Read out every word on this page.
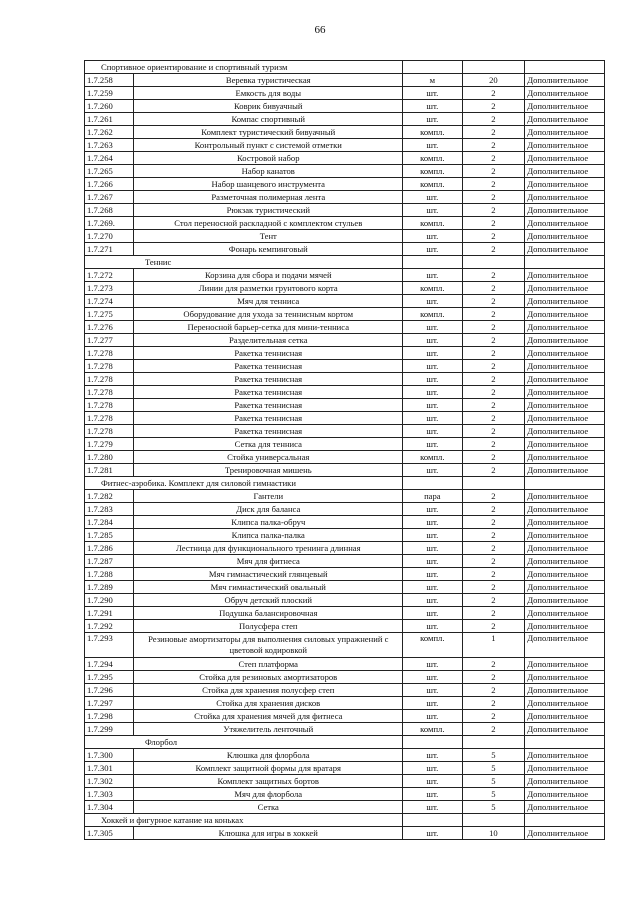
66
Спортивное ориентирование и спортивный туризм				
1.7.258	Веревка туристическая	м	20	Дополнительное
1.7.259	Емкость для воды	шт.	2	Дополнительное
1.7.260	Коврик бивуачный	шт.	2	Дополнительное
1.7.261	Компас спортивный	шт.	2	Дополнительное
1.7.262	Комплект туристический бивуачный	компл.	2	Дополнительное
1.7.263	Контрольный пункт с системой отметки	шт.	2	Дополнительное
1.7.264	Костровой набор	компл.	2	Дополнительное
1.7.265	Набор канатов	компл.	2	Дополнительное
1.7.266	Набор шанцевого инструмента	компл.	2	Дополнительное
1.7.267	Разметочная полимерная лента	шт.	2	Дополнительное
1.7.268	Рюкзак туристический	шт.	2	Дополнительное
1.7.269.	Стол переносной раскладной с комплектом стульев	компл.	2	Дополнительное
1.7.270	Тент	шт.	2	Дополнительное
1.7.271	Фонарь кемпинговый	шт.	2	Дополнительное
Теннис				
1.7.272	Корзина для сбора и подачи мячей	шт.	2	Дополнительное
1.7.273	Линии для разметки грунтового корта	компл.	2	Дополнительное
1.7.274	Мяч для тенниса	шт.	2	Дополнительное
1.7.275	Оборудование для ухода за теннисным кортом	компл.	2	Дополнительное
1.7.276	Переносной барьер-сетка для мини-тенниса	шт.	2	Дополнительное
1.7.277	Разделительная сетка	шт.	2	Дополнительное
1.7.278	Ракетка теннисная	шт.	2	Дополнительное
1.7.278	Ракетка теннисная	шт.	2	Дополнительное
1.7.278	Ракетка теннисная	шт.	2	Дополнительное
1.7.278	Ракетка теннисная	шт.	2	Дополнительное
1.7.278	Ракетка теннисная	шт.	2	Дополнительное
1.7.278	Ракетка теннисная	шт.	2	Дополнительное
1.7.278	Ракетка теннисная	шт.	2	Дополнительное
1.7.279	Сетка для тенниса	шт.	2	Дополнительное
1.7.280	Стойка универсальная	компл.	2	Дополнительное
1.7.281	Тренировочная мишень	шт.	2	Дополнительное
Фитнес-аэробика. Комплект для силовой гимнастики				
1.7.282	Гантели	пара	2	Дополнительное
1.7.283	Диск для баланса	шт.	2	Дополнительное
1.7.284	Клипса палка-обруч	шт.	2	Дополнительное
1.7.285	Клипса палка-палка	шт.	2	Дополнительное
1.7.286	Лестница для функционального тренинга длинная	шт.	2	Дополнительное
1.7.287	Мяч для фитнеса	шт.	2	Дополнительное
1.7.288	Мяч гимнастический глянцевый	шт.	2	Дополнительное
1.7.289	Мяч гимнастический овальный	шт.	2	Дополнительное
1.7.290	Обруч детский плоский	шт.	2	Дополнительное
1.7.291	Подушка балансировочная	шт.	2	Дополнительное
1.7.292	Полусфера степ	шт.	2	Дополнительное
1.7.293	Резиновые амортизаторы для выполнения силовых упражнений с цветовой кодировкой	компл.	1	Дополнительное
1.7.294	Степ платформа	шт.	2	Дополнительное
1.7.295	Стойка для резиновых амортизаторов	шт.	2	Дополнительное
1.7.296	Стойка для хранения полусфер степ	шт.	2	Дополнительное
1.7.297	Стойка для хранения дисков	шт.	2	Дополнительное
1.7.298	Стойка для хранения мячей для фитнеса	шт.	2	Дополнительное
1.7.299	Утяжелитель ленточный	компл.	2	Дополнительное
Флорбол				
1.7.300	Клюшка для флорбола	шт.	5	Дополнительное
1.7.301	Комплект защитной формы для вратаря	шт.	5	Дополнительное
1.7.302	Комплект защитных бортов	шт.	5	Дополнительное
1.7.303	Мяч для флорбола	шт.	5	Дополнительное
1.7.304	Сетка	шт.	5	Дополнительное
Хоккей и фигурное катание на коньках				
1.7.305	Клюшка для игры в хоккей	шт.	10	Дополнительное
